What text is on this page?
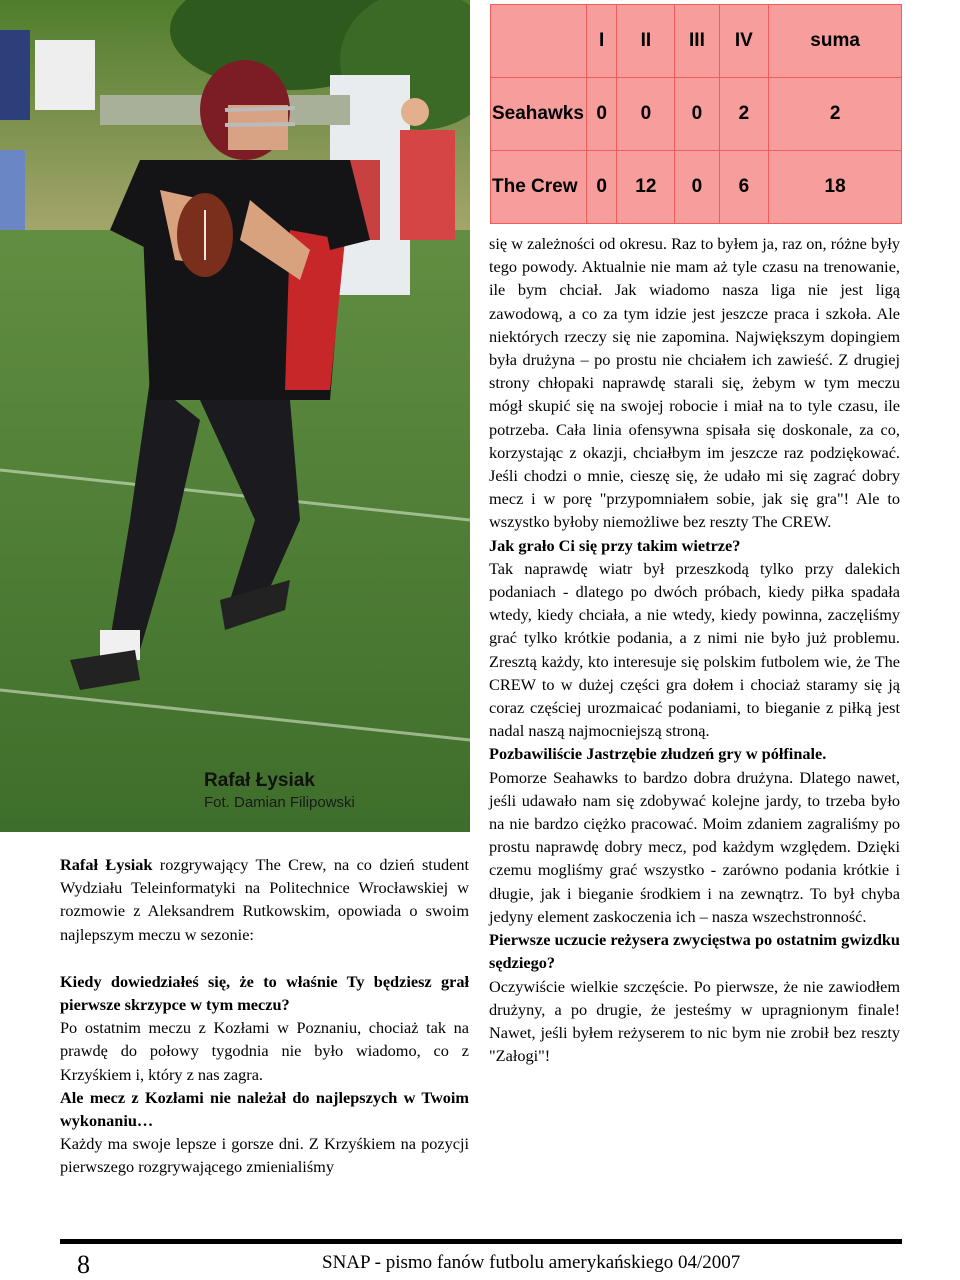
Rafał Łysiak
Fot. Damian Filipowski
	I	II	III	IV	suma
Seahawks	0	0	0	2	2
The Crew	0	12	0	6	18

Rafał Łysiak rozgrywający The Crew, na co dzień student Wydziału Teleinformatyki na Politechnice Wrocławskiej w rozmowie z Aleksandrem Rutkowskim, opowiada o swoim najlepszym meczu w sezonie:

Kiedy dowiedziałeś się, że to właśnie Ty będziesz grał pierwsze skrzypce w tym meczu?

Po ostatnim meczu z Kozłami w Poznaniu, chociaż tak na prawdę do połowy tygodnia nie było wiadomo, co z Krzyśkiem i, który z nas zagra.

Ale mecz z Kozłami nie należał do najlepszych w Twoim wykonaniu…

Każdy ma swoje lepsze i gorsze dni. Z Krzyśkiem na pozycji pierwszego rozgrywającego zmienialiśmy

się w zależności od okresu. Raz to byłem ja, raz on, różne były tego powody. Aktualnie nie mam aż tyle czasu na trenowanie, ile bym chciał. Jak wiadomo nasza liga nie jest ligą zawodową, a co za tym idzie jest jeszcze praca i szkoła. Ale niektórych rzeczy się nie zapomina. Największym dopingiem była drużyna – po prostu nie chciałem ich zawieść. Z drugiej strony chłopaki naprawdę starali się, żebym w tym meczu mógł skupić się na swojej robocie i miał na to tyle czasu, ile potrzeba. Cała linia ofensywna spisała się doskonale, za co, korzystając z okazji, chciałbym im jeszcze raz podziękować. Jeśli chodzi o mnie, cieszę się, że udało mi się zagrać dobry mecz i w porę "przypomniałem sobie, jak się gra"! Ale to wszystko byłoby niemożliwe bez reszty The CREW.

Jak grało Ci się przy takim wietrze?

Tak naprawdę wiatr był przeszkodą tylko przy dalekich podaniach - dlatego po dwóch próbach, kiedy piłka spadała wtedy, kiedy chciała, a nie wtedy, kiedy powinna, zaczęliśmy grać tylko krótkie podania, a z nimi nie było już problemu. Zresztą każdy, kto interesuje się polskim futbolem wie, że The CREW to w dużej części gra dołem i chociaż staramy się ją coraz częściej urozmaicać podaniami, to bieganie z piłką jest nadal naszą najmocniejszą stroną.

Pozbawiliście Jastrzębie złudzeń gry w półfinale.

Pomorze Seahawks to bardzo dobra drużyna. Dlatego nawet, jeśli udawało nam się zdobywać kolejne jardy, to trzeba było na nie bardzo ciężko pracować. Moim zdaniem zagraliśmy po prostu naprawdę dobry mecz, pod każdym względem. Dzięki czemu mogliśmy grać wszystko - zarówno podania krótkie i długie, jak i bieganie środkiem i na zewnątrz. To był chyba jedyny element zaskoczenia ich – nasza wszechstronność.

Pierwsze uczucie reżysera zwycięstwa po ostatnim gwizdku sędziego?

Oczywiście wielkie szczęście. Po pierwsze, że nie zawiodłem drużyny, a po drugie, że jesteśmy w upragnionym finale! Nawet, jeśli byłem reżyserem to nic bym nie zrobił bez reszty "Załogi"!

8	SNAP - pismo fanów futbolu amerykańskiego 04/2007
